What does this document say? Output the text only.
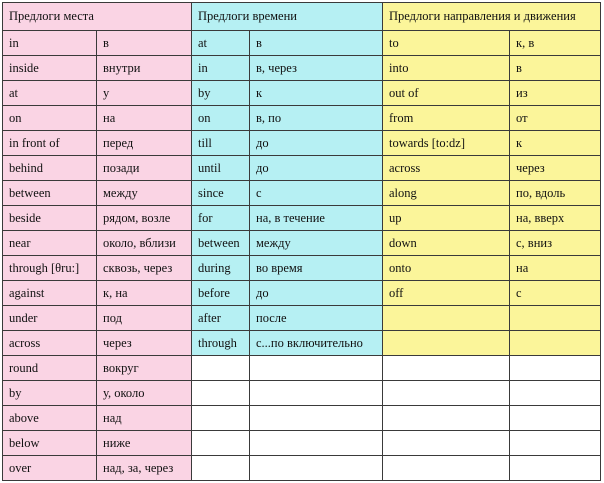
Предлоги места		Предлоги времени		Предлоги направления и движения	
in	в	at	в	to	к, в
inside	внутри	in	в, через	into	в
at	у	by	к	out of	из
on	на	on	в, по	from	от
in front of	перед	till	до	towards [to:dz]	к
behind	позади	until	до	across	через
between	между	since	с	along	по, вдоль
beside	рядом, возле	for	на, в течение	up	на, вверх
near	около, вблизи	between	между	down	с, вниз
through [θru:]	сквозь, через	during	во время	onto	на
against	к, на	before	до	off	с
under	под	after	после		
across	через	through	с...по включительно		
round	вокруг				
by	у, около				
above	над				
below	ниже				
over	над, за, через				
